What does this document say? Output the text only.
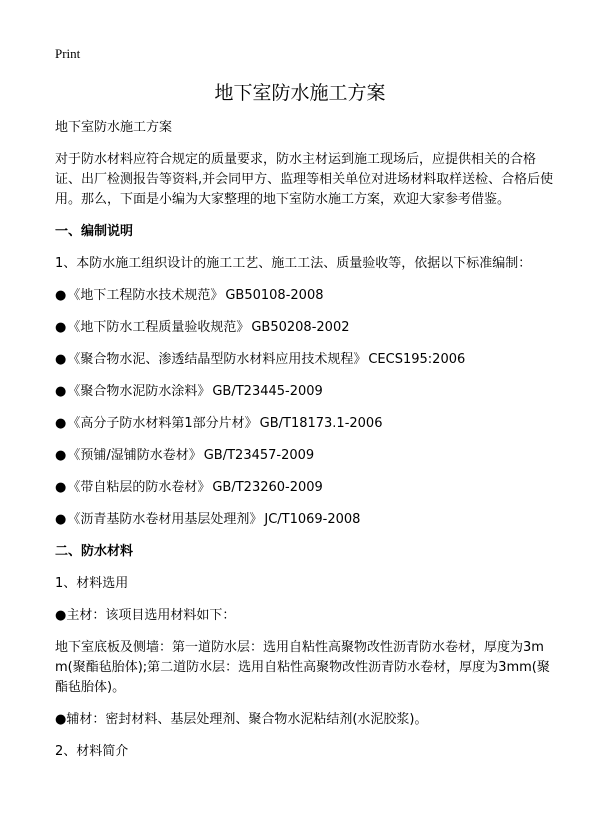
Print
地下室防水施工方案

地下室防水施工方案

对于防水材料应符合规定的质量要求，防水主材运到施工现场后，应提供相关的合格证、出厂检测报告等资料,并会同甲方、监理等相关单位对进场材料取样送检、合格后使用。那么，下面是小编为大家整理的地下室防水施工方案，欢迎大家参考借鉴。

一、编制说明

1、本防水施工组织设计的施工工艺、施工工法、质量验收等，依据以下标准编制：

●《地下工程防水技术规范》 GB50108-2008
●《地下防水工程质量验收规范》 GB50208-2002
●《聚合物水泥、渗透结晶型防水材料应用技术规程》 CECS195:2006
●《聚合物水泥防水涂料》 GB/T23445-2009
●《高分子防水材料第1部分片材》 GB/T18173.1-2006
●《预铺/湿铺防水卷材》 GB/T23457-2009
●《带自粘层的防水卷材》 GB/T23260-2009
●《沥青基防水卷材用基层处理剂》 JC/T1069-2008

二、防水材料

1、材料选用

●主材：该项目选用材料如下：

地下室底板及侧墙：第一道防水层：选用自粘性高聚物改性沥青防水卷材，厚度为3mm(聚酯毡胎体);第二道防水层：选用自粘性高聚物改性沥青防水卷材，厚度为3mm(聚酯毡胎体)。

●辅材：密封材料、基层处理剂、聚合物水泥粘结剂(水泥胶浆)。

2、材料简介
